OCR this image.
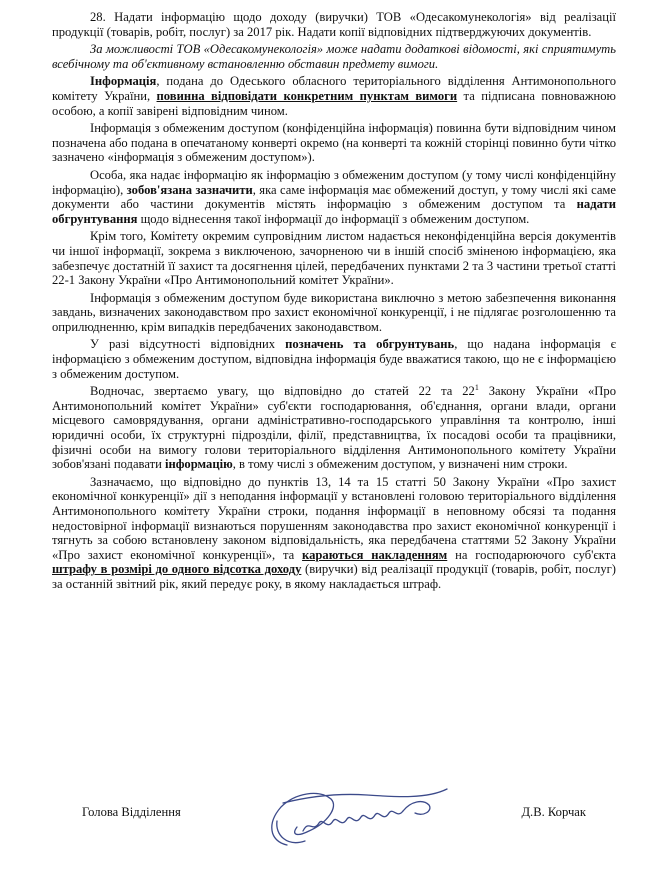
28. Надати інформацію щодо доходу (виручки) ТОВ «Одесакомунекологія» від реалізації продукції (товарів, робіт, послуг) за 2017 рік. Надати копії відповідних підтверджуючих документів.

За можливості ТОВ «Одесакомунекологія» може надати додаткові відомості, які сприятимуть всебічному та об'єктивному встановленню обставин предмету вимоги.

Інформація, подана до Одеського обласного територіального відділення Антимонопольного комітету України, повинна відповідати конкретним пунктам вимоги та підписана повноважною особою, а копії завірені відповідним чином.

Інформація з обмеженим доступом (конфіденційна інформація) повинна бути відповідним чином позначена або подана в опечатаному конверті окремо (на конверті та кожній сторінці повинно бути чітко зазначено «інформація з обмеженим доступом»).

Особа, яка надає інформацію як інформацію з обмеженим доступом (у тому числі конфіденційну інформацію), зобов'язана зазначити, яка саме інформація має обмежений доступ, у тому числі які саме документи або частини документів містять інформацію з обмеженим доступом та надати обгрунтування щодо віднесення такої інформації до інформації з обмеженим доступом.

Крім того, Комітету окремим супровідним листом надається неконфіденційна версія документів чи іншої інформації, зокрема з виключеною, зачорненою чи в іншій спосіб зміненою інформацією, яка забезпечує достатній її захист та досягнення цілей, передбачених пунктами 2 та 3 частини третьої статті 22-1 Закону України «Про Антимонопольний комітет України».

Інформація з обмеженим доступом буде використана виключно з метою забезпечення виконання завдань, визначених законодавством про захист економічної конкуренції, і не підлягає розголошенню та оприлюдненню, крім випадків передбачених законодавством.

У разі відсутності відповідних позначень та обгрунтувань, що надана інформація є інформацією з обмеженим доступом, відповідна інформація буде вважатися такою, що не є інформацією з обмеженим доступом.

Водночас, звертаємо увагу, що відповідно до статей 22 та $22^1$ Закону України «Про Антимонопольний комітет України» суб'єкти господарювання, об'єднання, органи влади, органи місцевого самоврядування, органи адміністративно-господарського управління та контролю, інші юридичні особи, їх структурні підрозділи, філії, представництва, їх посадові особи та працівники, фізичні особи на вимогу голови територіального відділення Антимонопольного комітету України зобов'язані подавати інформацію, в тому числі з обмеженим доступом, у визначені ним строки.

Зазначаємо, що відповідно до пунктів 13, 14 та 15 статті 50 Закону України «Про захист економічної конкуренції» дії з неподання інформації у встановлені головою територіального відділення Антимонопольного комітету України строки, подання інформації в неповному обсязі та подання недостовірної інформації визнаються порушенням законодавства про захист економічної конкуренції і тягнуть за собою встановлену законом відповідальність, яка передбачена статтями 52 Закону України «Про захист економічної конкуренції», та караються накладенням на господарюючого суб'єкта штрафу в розмірі до одного відсотка доходу (виручки) від реалізації продукції (товарів, робіт, послуг) за останній звітний рік, який передує року, в якому накладається штраф.

Голова Відділення	Д.В. Корчак
